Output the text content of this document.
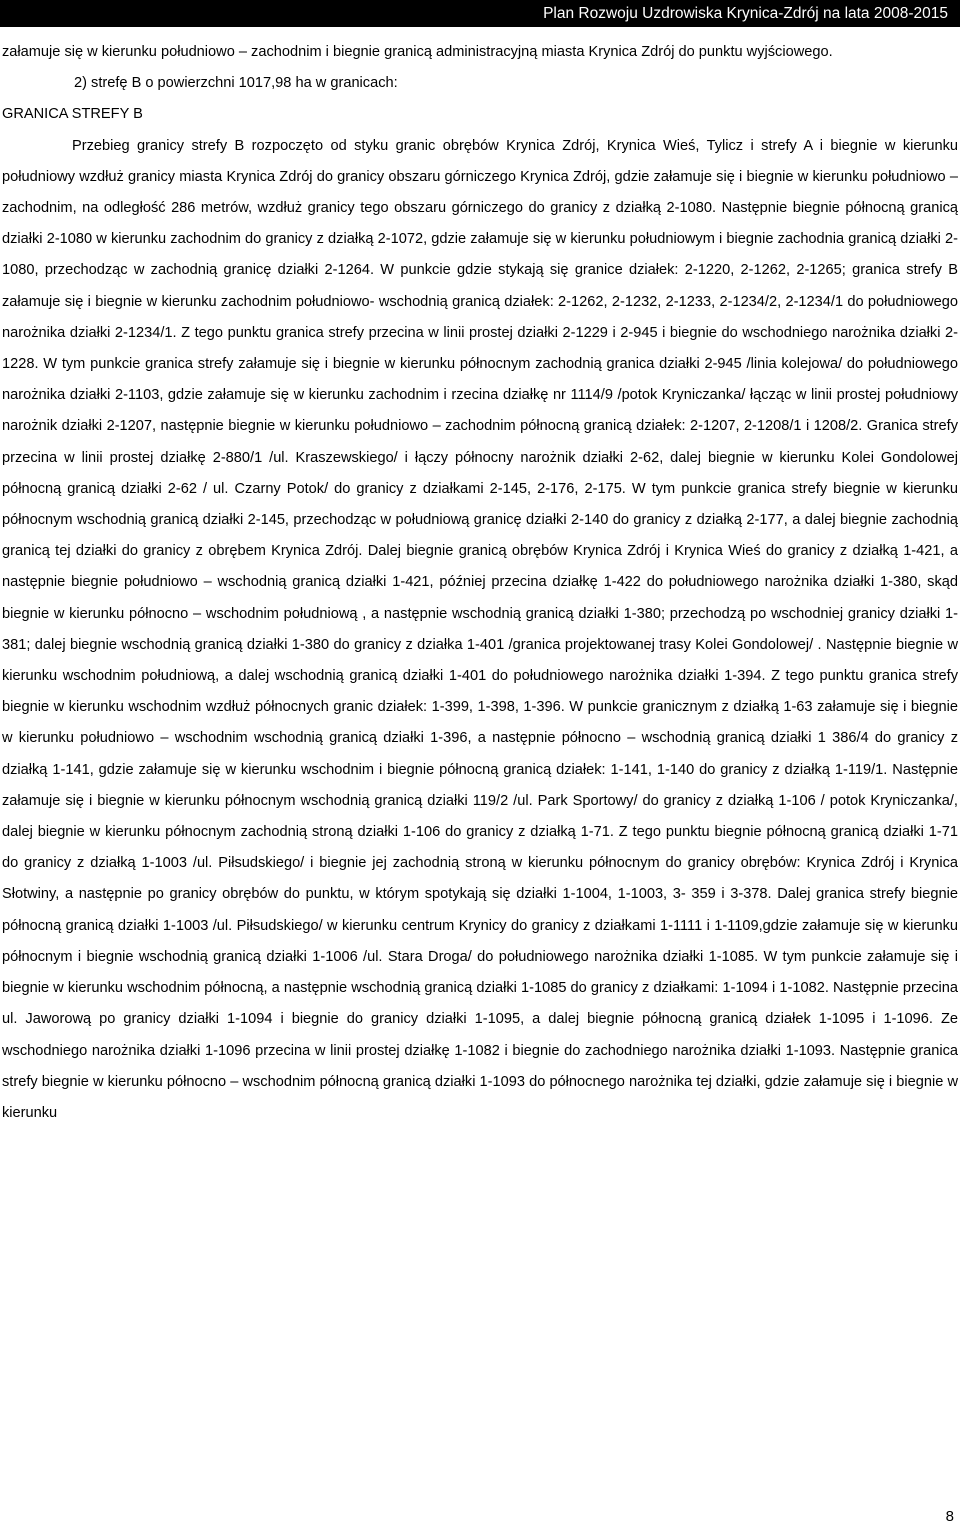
Plan Rozwoju Uzdrowiska Krynica-Zdrój na lata 2008-2015

załamuje się w kierunku południowo – zachodnim i biegnie granicą administracyjną miasta Krynica Zdrój do punktu wyjściowego.

2) strefę B o powierzchni 1017,98 ha w granicach:

GRANICA STREFY B

Przebieg granicy strefy B rozpoczęto od styku granic obrębów Krynica Zdrój, Krynica Wieś, Tylicz i strefy A i biegnie w kierunku południowy wzdłuż granicy miasta Krynica Zdrój do granicy obszaru górniczego Krynica Zdrój, gdzie załamuje się i biegnie w kierunku południowo – zachodnim, na odległość 286 metrów, wzdłuż granicy tego obszaru górniczego do granicy z działką 2-1080. Następnie biegnie północną granicą działki 2-1080 w kierunku zachodnim do granicy z działką 2-1072, gdzie załamuje się w kierunku południowym i biegnie zachodnia granicą działki 2-1080, przechodząc w zachodnią granicę działki 2-1264. W punkcie gdzie stykają się granice działek: 2-1220, 2-1262, 2-1265; granica strefy B załamuje się i biegnie w kierunku zachodnim południowo- wschodnią granicą działek: 2-1262, 2-1232, 2-1233, 2-1234/2, 2-1234/1 do południowego narożnika działki 2-1234/1. Z tego punktu granica strefy przecina w linii prostej działki 2-1229 i 2-945 i biegnie do wschodniego narożnika działki 2-1228. W tym punkcie granica strefy załamuje się i biegnie w kierunku północnym zachodnią granica działki 2-945 /linia kolejowa/ do południowego narożnika działki 2-1103, gdzie załamuje się w kierunku zachodnim i rzecina działkę nr 1114/9 /potok Kryniczanka/ łącząc w linii prostej południowy narożnik działki 2-1207, następnie biegnie w kierunku południowo – zachodnim północną granicą działek: 2-1207, 2-1208/1 i 1208/2. Granica strefy przecina w linii prostej działkę 2-880/1 /ul. Kraszewskiego/ i łączy północny narożnik działki 2-62, dalej biegnie w kierunku Kolei Gondolowej północną granicą działki 2-62 / ul. Czarny Potok/ do granicy z działkami 2-145, 2-176, 2-175. W tym punkcie granica strefy biegnie w kierunku północnym wschodnią granicą działki 2-145, przechodząc w południową granicę działki 2-140 do granicy z działką 2-177, a dalej biegnie zachodnią granicą tej działki do granicy z obrębem Krynica Zdrój. Dalej biegnie granicą obrębów Krynica Zdrój i Krynica Wieś do granicy z działką 1-421, a następnie biegnie południowo – wschodnią granicą działki 1-421, później przecina działkę 1-422 do południowego narożnika działki 1-380, skąd biegnie w kierunku północno – wschodnim południową , a następnie wschodnią granicą działki 1-380; przechodzą po wschodniej granicy działki 1-381; dalej biegnie wschodnią granicą działki 1-380 do granicy z działka 1-401 /granica projektowanej trasy Kolei Gondolowej/ . Następnie biegnie w kierunku wschodnim południową, a dalej wschodnią granicą działki 1-401 do południowego narożnika działki 1-394. Z tego punktu granica strefy biegnie w kierunku wschodnim wzdłuż północnych granic działek: 1-399, 1-398, 1-396. W punkcie granicznym z działką 1-63 załamuje się i biegnie w kierunku południowo – wschodnim wschodnią granicą działki 1-396, a następnie północno – wschodnią granicą działki 1 386/4 do granicy z działką 1-141, gdzie załamuje się w kierunku wschodnim i biegnie północną granicą działek: 1-141, 1-140 do granicy z działką 1-119/1. Następnie załamuje się i biegnie w kierunku północnym wschodnią granicą działki 119/2 /ul. Park Sportowy/ do granicy z działką 1-106 / potok Kryniczanka/, dalej biegnie w kierunku północnym zachodnią stroną działki 1-106 do granicy z działką 1-71. Z tego punktu biegnie północną granicą działki 1-71 do granicy z działką 1-1003 /ul. Piłsudskiego/ i biegnie jej zachodnią stroną w kierunku północnym do granicy obrębów: Krynica Zdrój i Krynica Słotwiny, a następnie po granicy obrębów do punktu, w którym spotykają się działki 1-1004, 1-1003, 3- 359 i 3-378. Dalej granica strefy biegnie północną granicą działki 1-1003 /ul. Piłsudskiego/ w kierunku centrum Krynicy do granicy z działkami 1-1111 i 1-1109,gdzie załamuje się w kierunku północnym i biegnie wschodnią granicą działki 1-1006 /ul. Stara Droga/ do południowego narożnika działki 1-1085. W tym punkcie załamuje się i biegnie w kierunku wschodnim północną, a następnie wschodnią granicą działki 1-1085 do granicy z działkami: 1-1094 i 1-1082. Następnie przecina ul. Jaworową po granicy działki 1-1094 i biegnie do granicy działki 1-1095, a dalej biegnie północną granicą działek 1-1095 i 1-1096. Ze wschodniego narożnika działki 1-1096 przecina w linii prostej działkę 1-1082 i biegnie do zachodniego narożnika działki 1-1093. Następnie granica strefy biegnie w kierunku północno – wschodnim północną granicą działki 1-1093 do północnego narożnika tej działki, gdzie załamuje się i biegnie w kierunku

8
